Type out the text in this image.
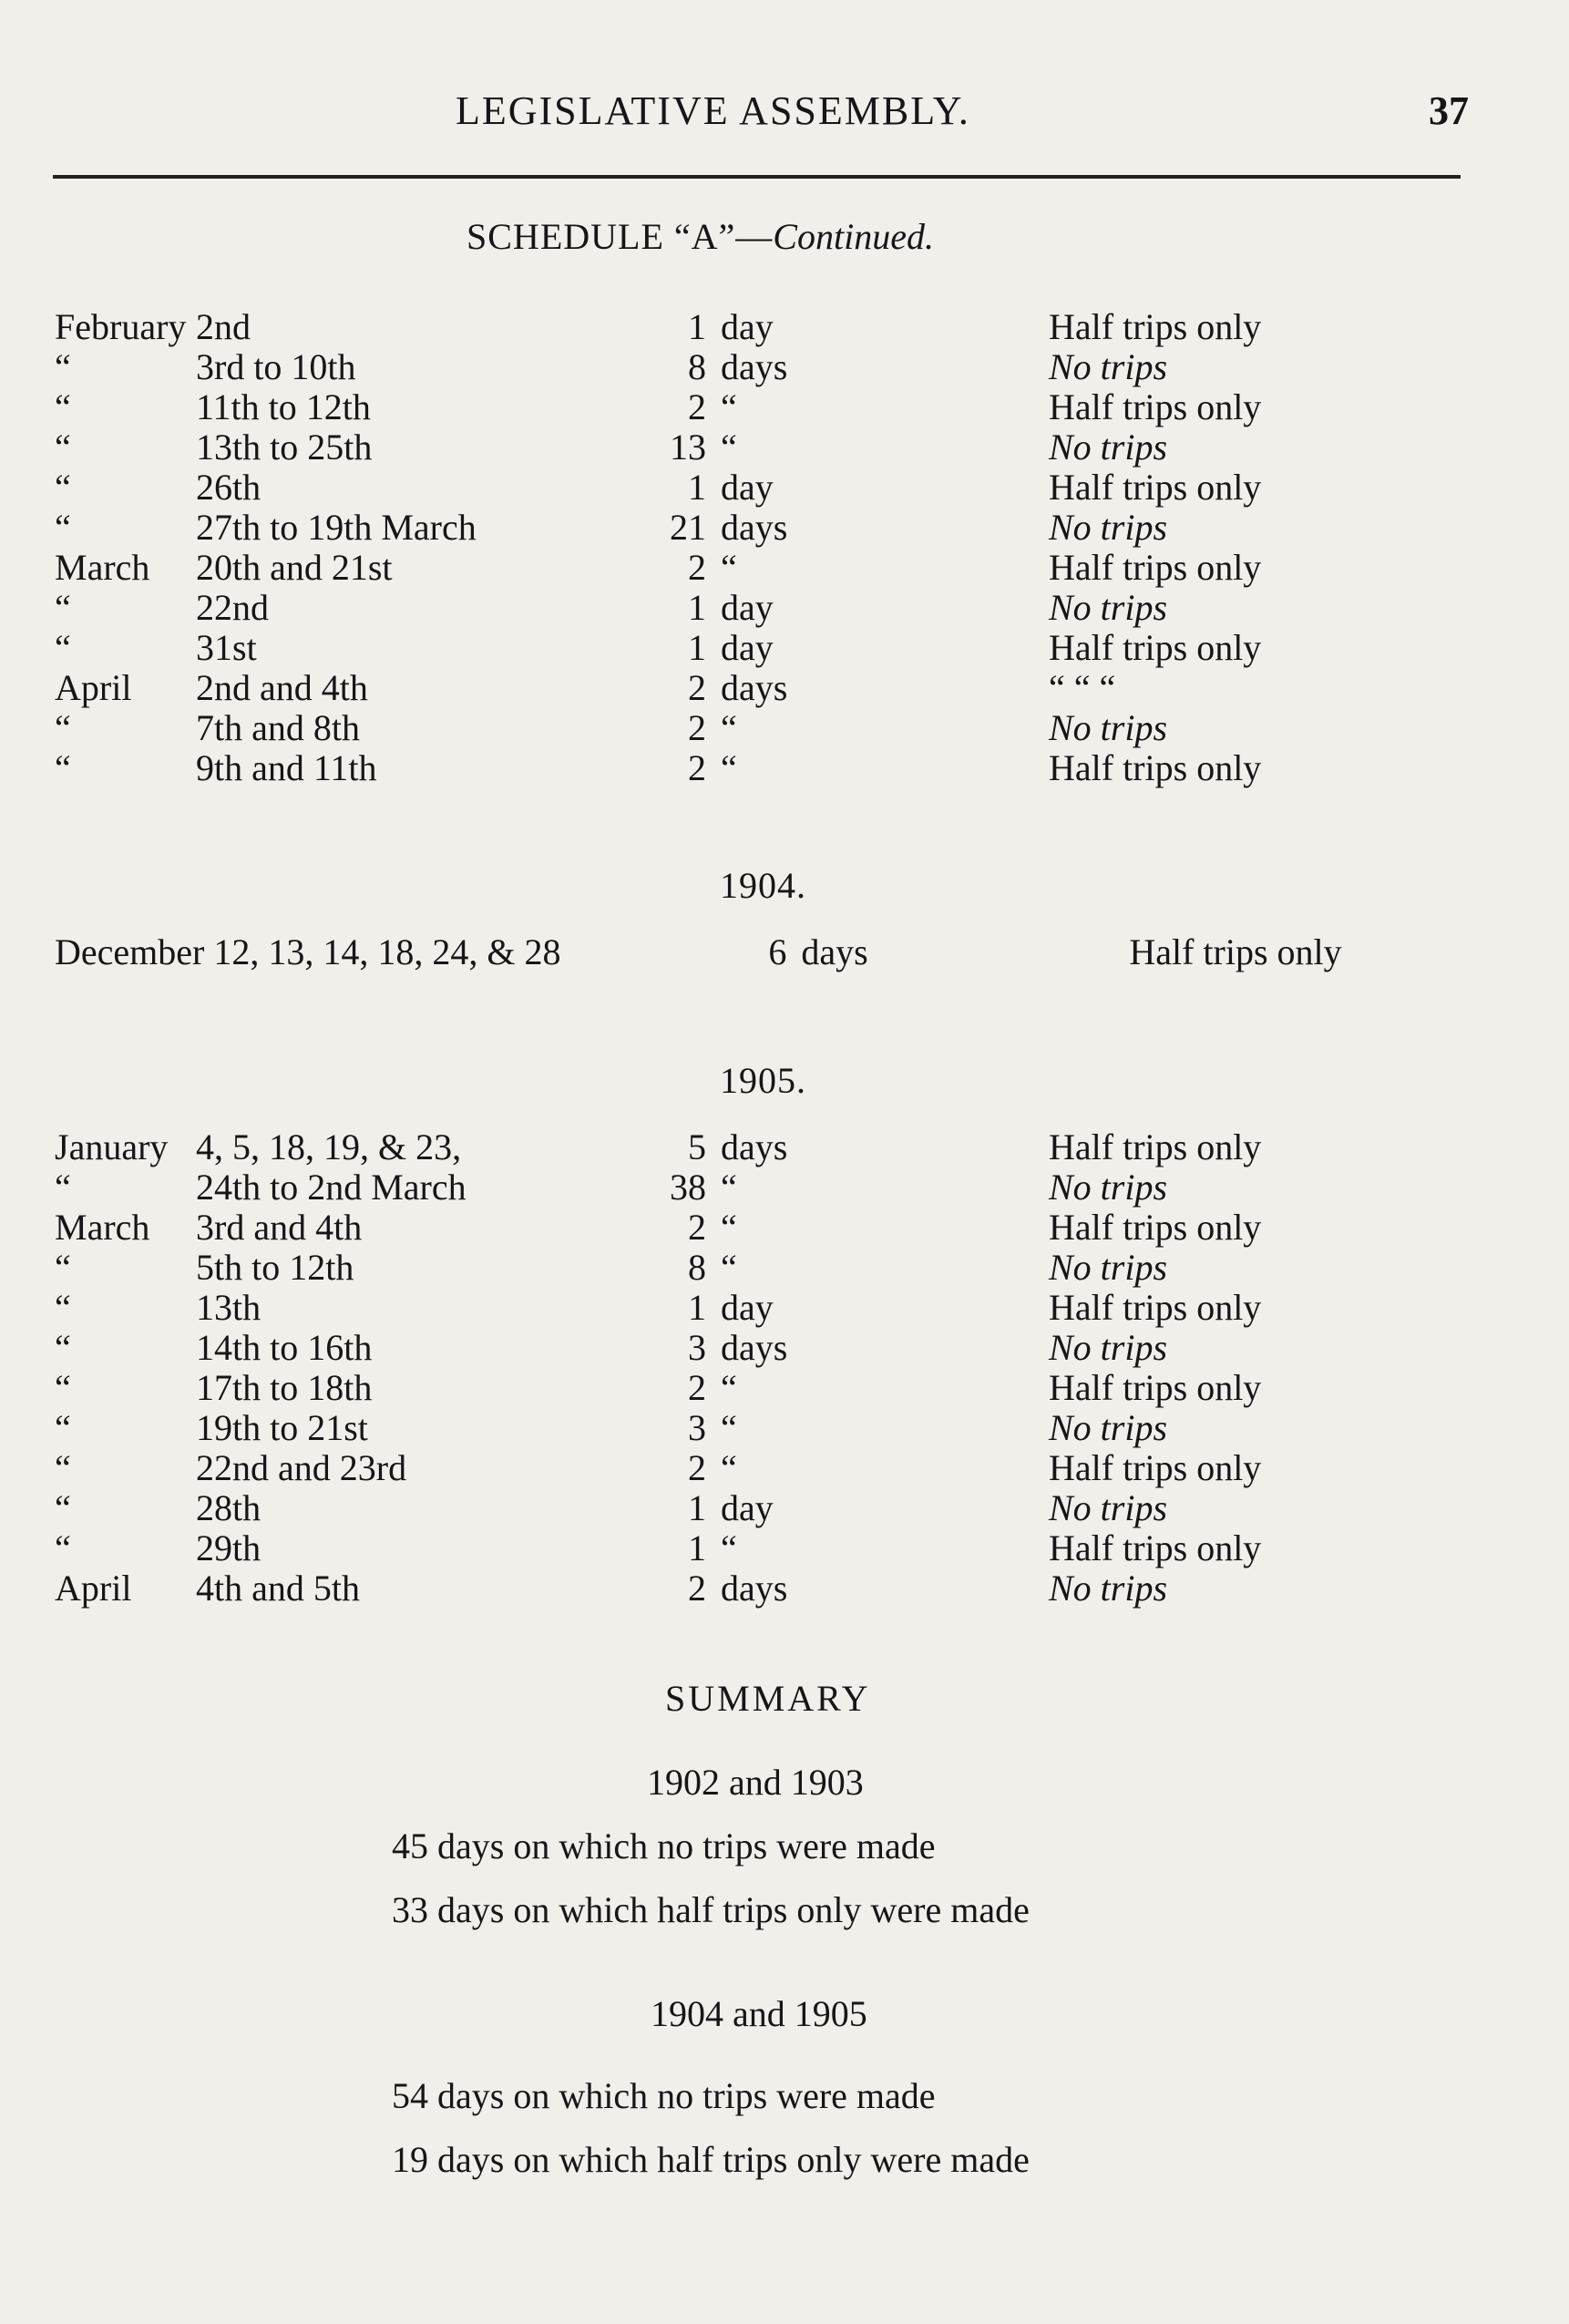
LEGISLATIVE ASSEMBLY.	37
SCHEDULE “A”—Continued.
February	2nd	1	day	Half trips only
“	3rd to 10th	8	days	No trips
“	11th to 12th	2	“	Half trips only
“	13th to 25th	13	“	No trips
“	26th	1	day	Half trips only
“	27th to 19th March	21	days	No trips
March	20th and 21st	2	“	Half trips only
“	22nd	1	day	No trips
“	31st	1	day	Half trips only
April	2nd and 4th	2	days	“ “ “
“	7th and 8th	2	“	No trips
“	9th and 11th	2	“	Half trips only
1904.
December 12, 13, 14, 18, 24, & 28	6	days	Half trips only
1905.
January	4, 5, 18, 19, & 23,	5	days	Half trips only
“	24th to 2nd March	38	“	No trips
March	3rd and 4th	2	“	Half trips only
“	5th to 12th	8	“	No trips
“	13th	1	day	Half trips only
“	14th to 16th	3	days	No trips
“	17th to 18th	2	“	Half trips only
“	19th to 21st	3	“	No trips
“	22nd and 23rd	2	“	Half trips only
“	28th	1	day	No trips
“	29th	1	“	Half trips only
April	4th and 5th	2	days	No trips
SUMMARY
1902 and 1903
45 days on which no trips were made
33 days on which half trips only were made
1904 and 1905
54 days on which no trips were made
19 days on which half trips only were made
